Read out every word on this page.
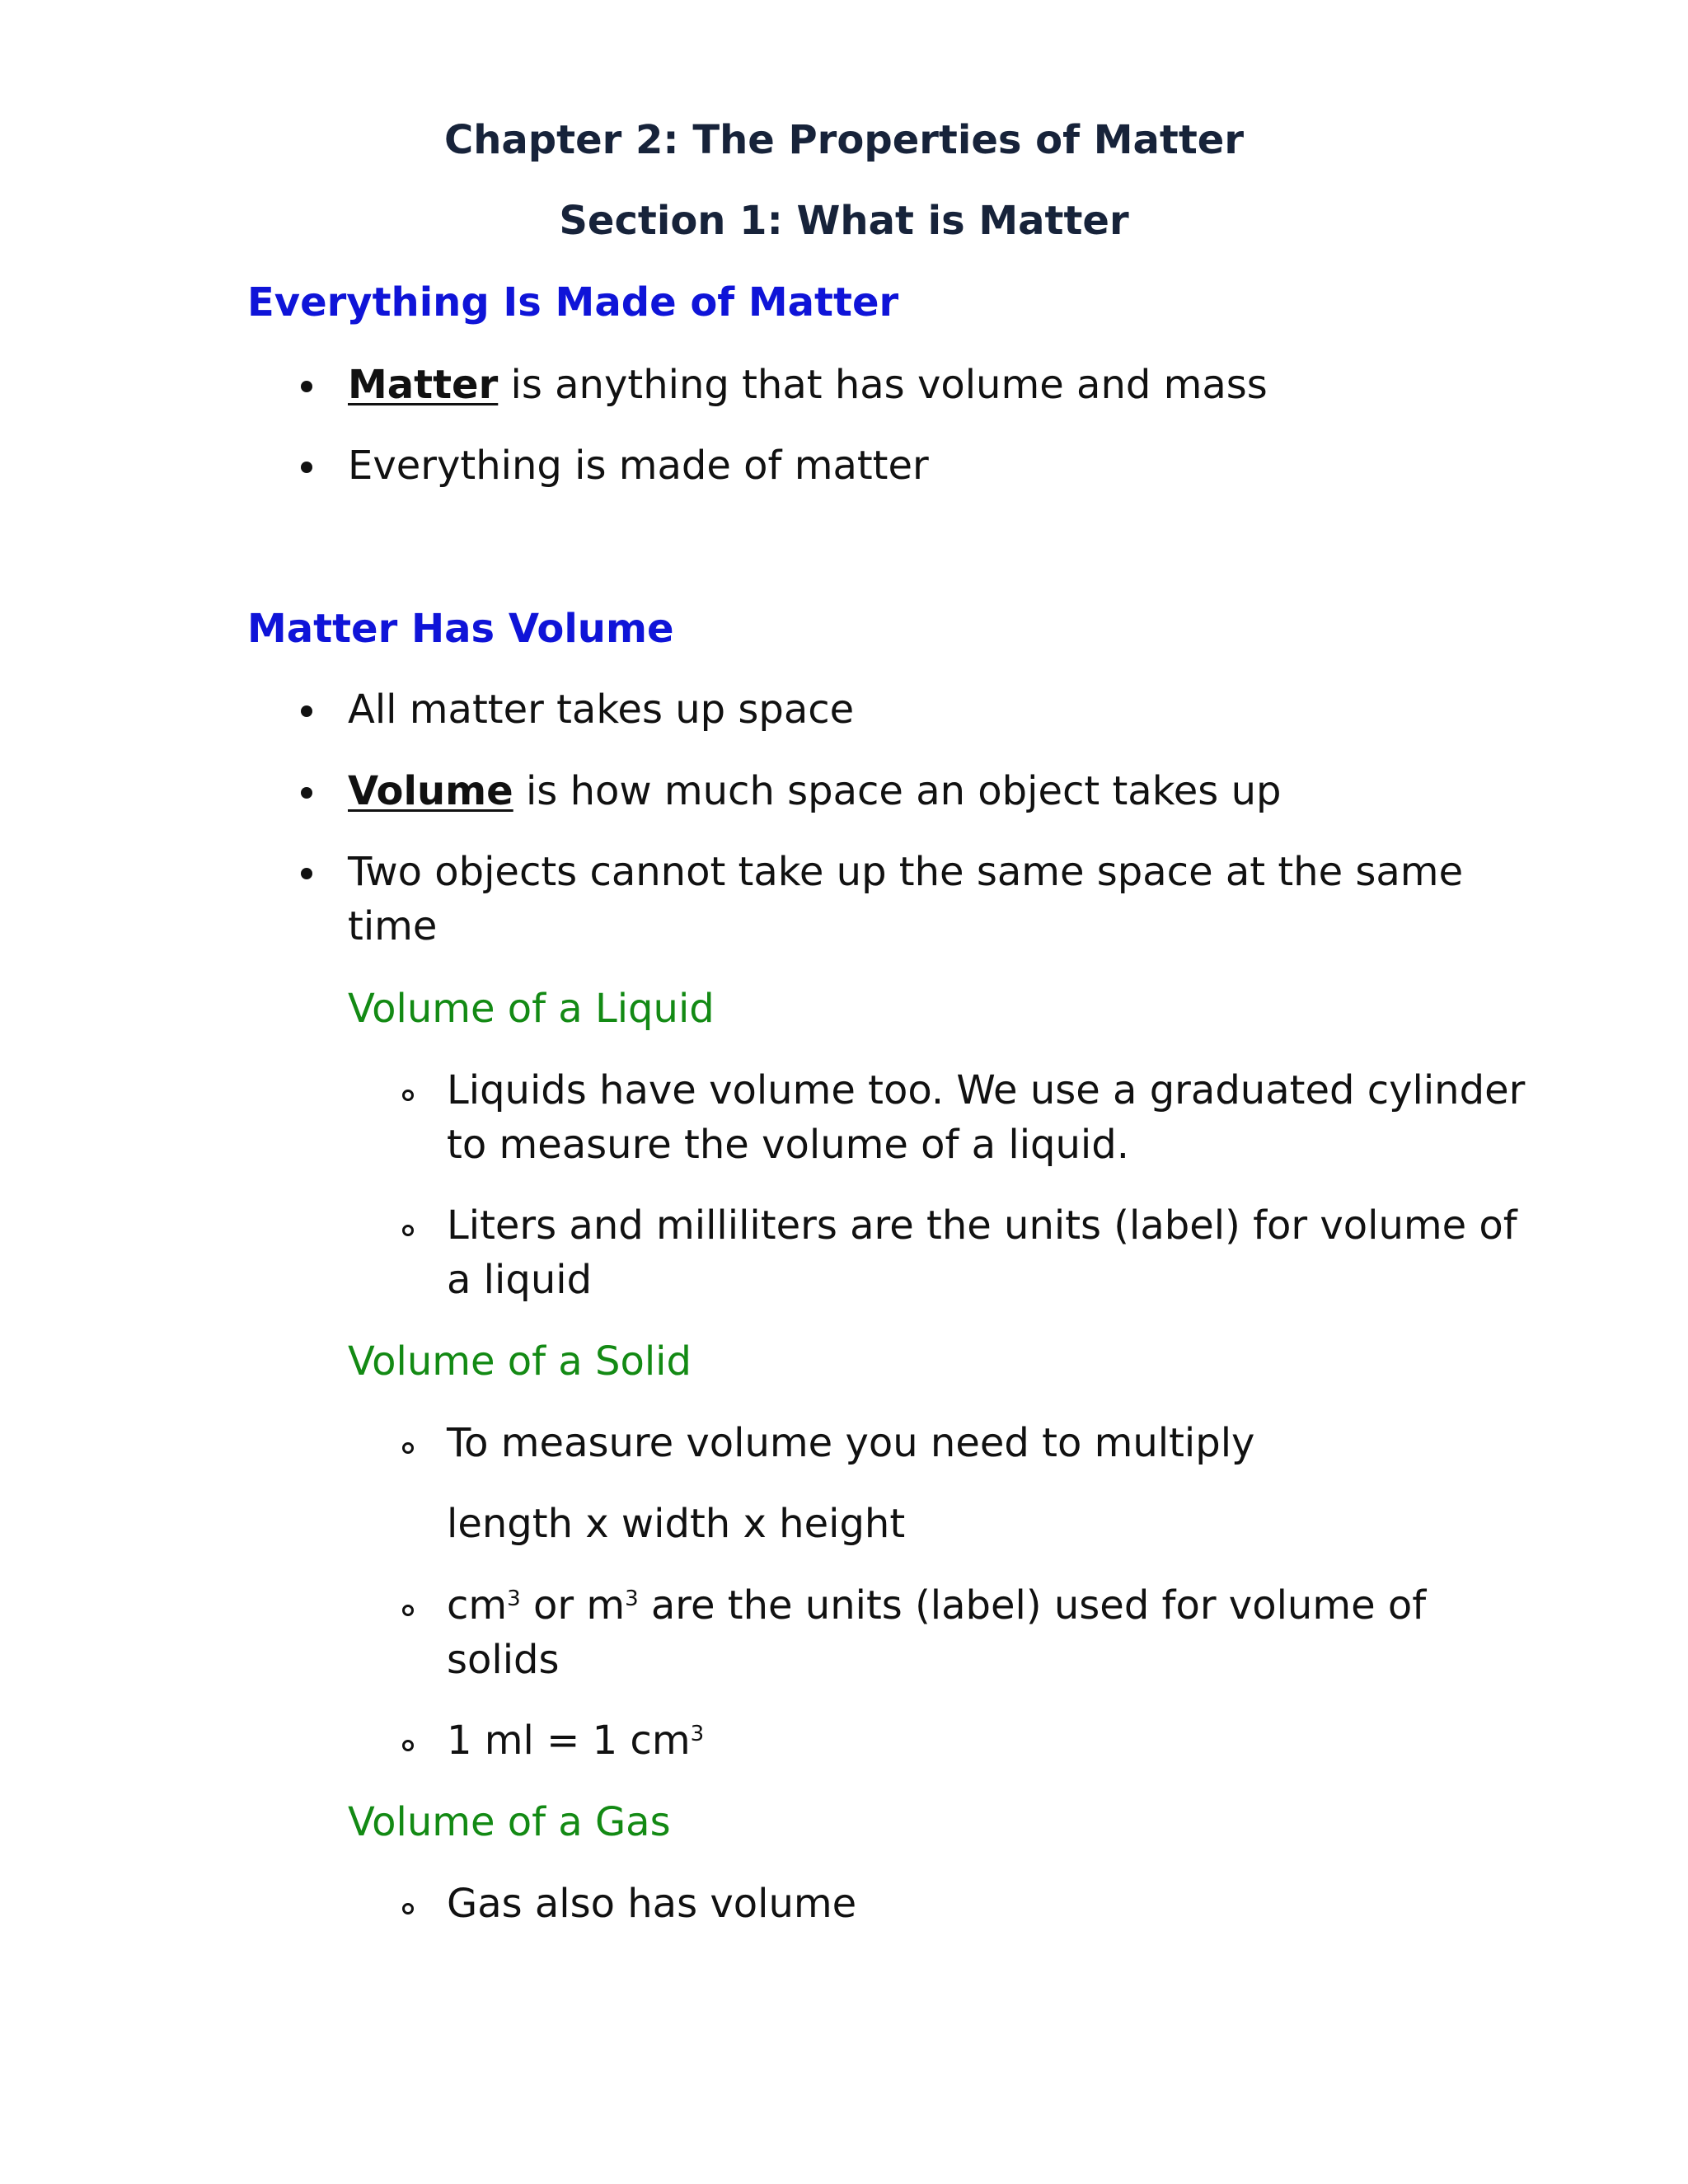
Chapter 2: The Properties of Matter
Section 1: What is Matter
Everything Is Made of Matter
Matter is anything that has volume and mass
Everything is made of matter
Matter Has Volume
All matter takes up space
Volume is how much space an object takes up
Two objects cannot take up the same space at the same
time
Volume of a Liquid
Liquids have volume too. We use a graduated cylinder
to measure the volume of a liquid.
Liters and milliliters are the units (label) for volume of
a liquid
Volume of a Solid
To measure volume you need to multiply
length x width x height
$cm^3$ or $m^3$ are the units (label) used for volume of
solids
1 ml = 1 $cm^3$
Volume of a Gas
Gas also has volume
